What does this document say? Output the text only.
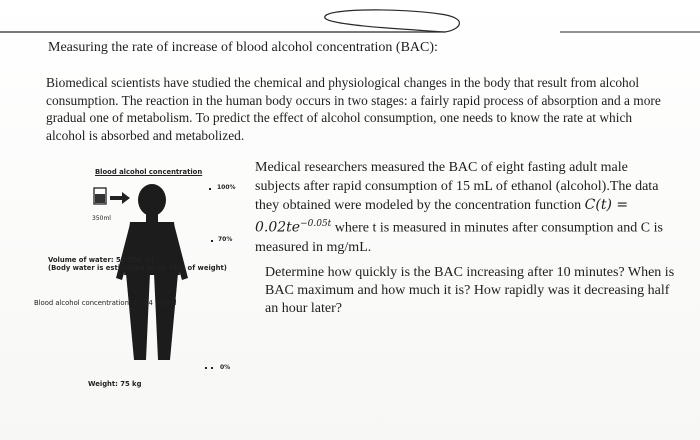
Measuring the rate of increase of blood alcohol concentration (BAC):
Biomedical scientists have studied the chemical and physiological changes in the body that result from alcohol consumption. The reaction in the human body occurs in two stages: a fairly rapid process of absorption and a more gradual one of metabolism. To predict the effect of alcohol consumption, one needs to know the rate at which alcohol is absorbed and metabolized.
Blood alcohol concentration
350ml
100%
70%
0%
Volume of water: 52 500 ml
(Body water is estimated to be 70% of weight)
Blood alcohol concentration: 0.284 mg/ml
Weight: 75 kg

Medical researchers measured the BAC of eight fasting adult male subjects after rapid consumption of 15 mL of ethanol (alcohol).The data they obtained were modeled by the concentration function $C(t) = 0.02te^{-0.05t}$ where t is measured in minutes after consumption and C is measured in mg/mL.

Determine how quickly is the BAC increasing after 10 minutes? When is BAC maximum and how much it is? How rapidly was it decreasing half an hour later?
